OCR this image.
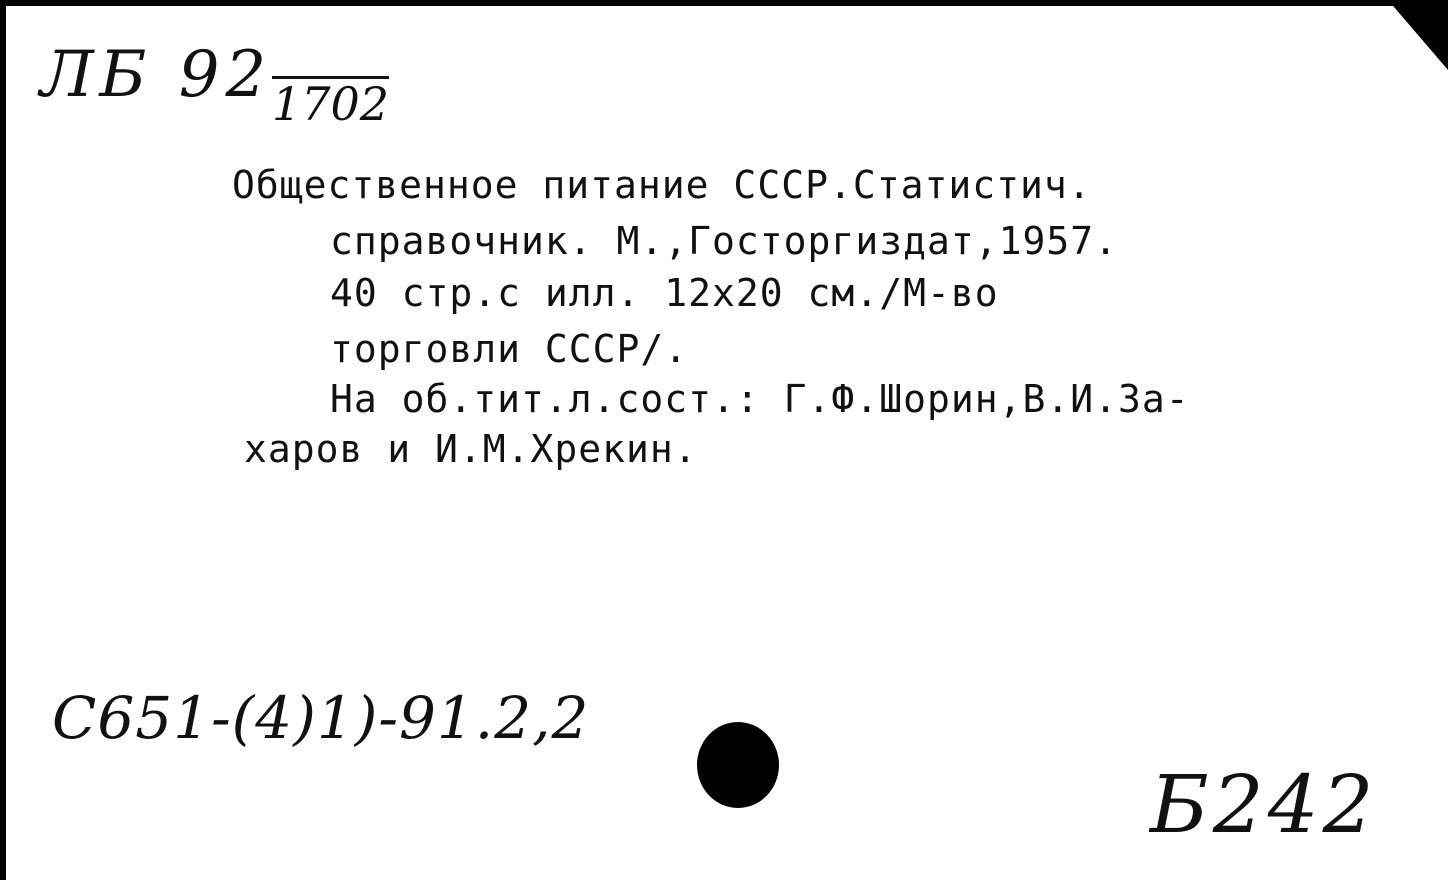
ЛБ 92 1702
Общественное питание СССР.Статистич.
справочник. М.,Госторгиздат,1957.
40 стр.с илл. 12х20 см./М-во
торговли СССР/.
На об.тит.л.сост.: Г.Ф.Шорин,В.И.За-
харов и И.М.Хрекин.
С651-(4)1)-91.2,2
Б242
